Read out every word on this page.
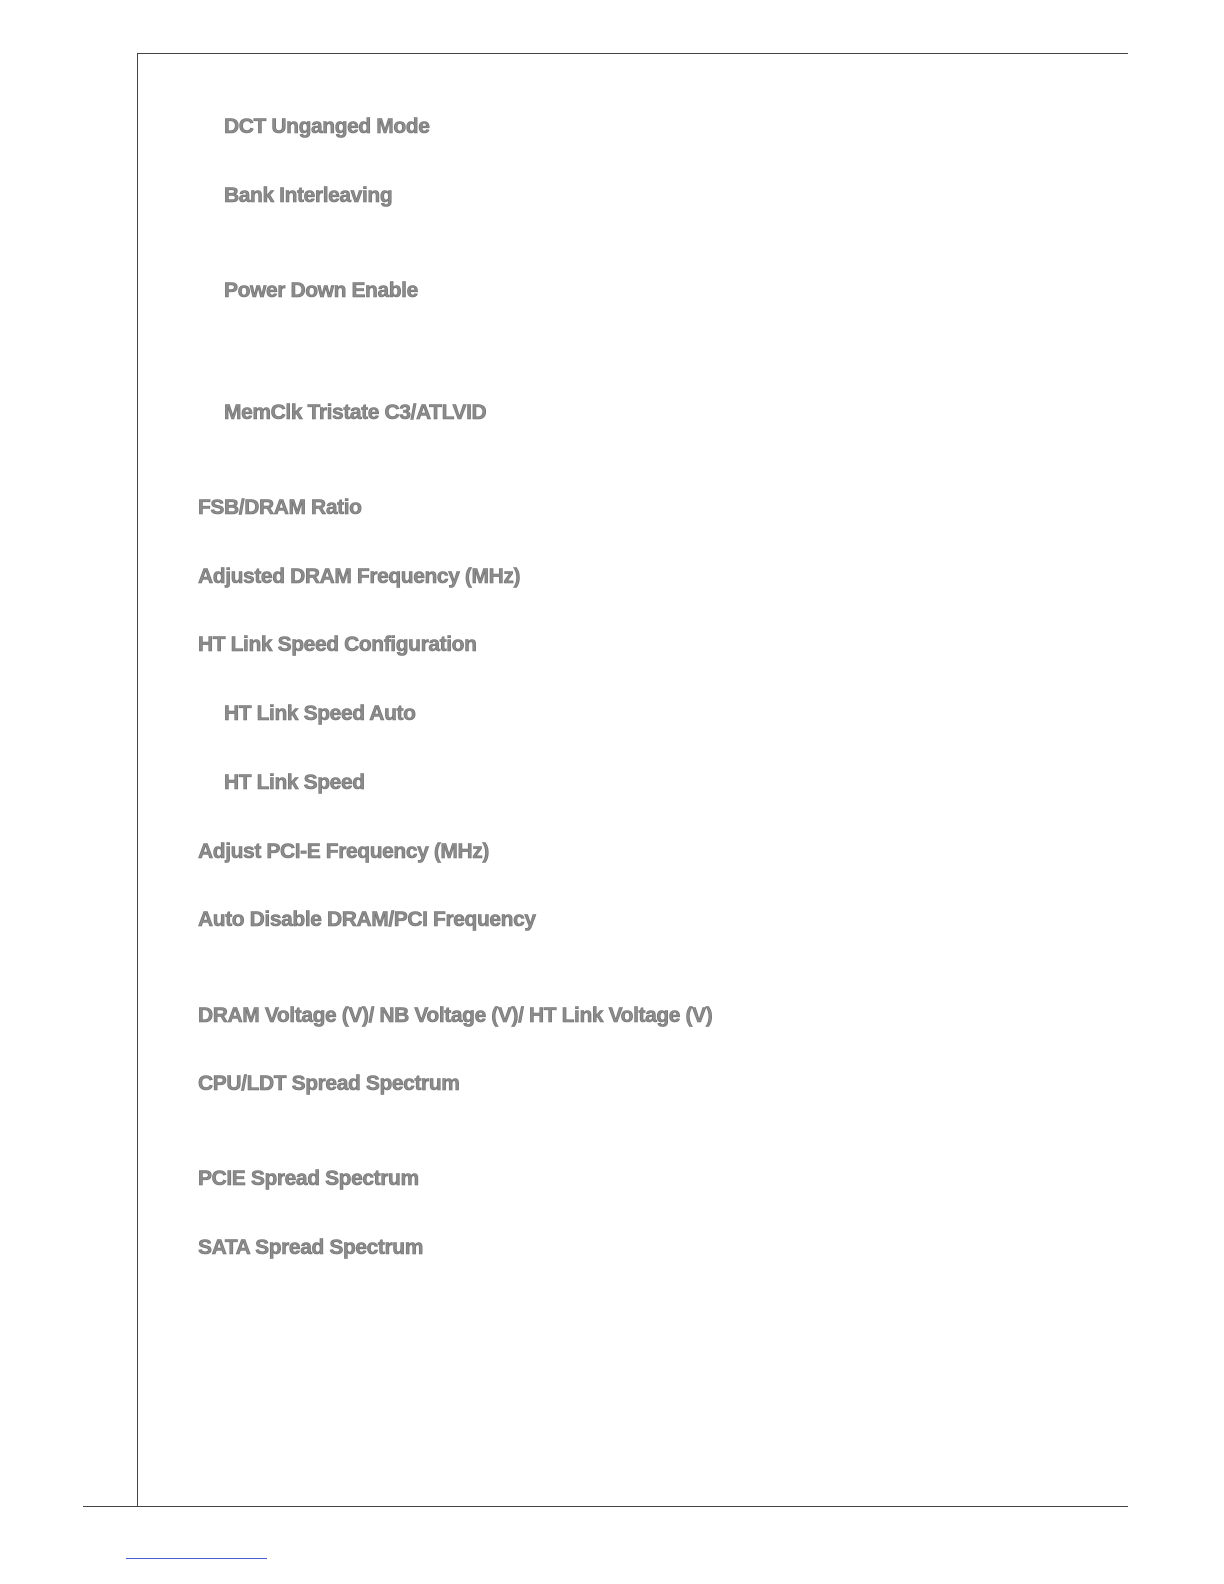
DCT Unganged Mode
Bank Interleaving
Power Down Enable
MemClk Tristate C3/ATLVID
FSB/DRAM Ratio
Adjusted DRAM Frequency (MHz)
HT Link Speed Configuration
HT Link Speed Auto
HT Link Speed
Adjust PCI-E Frequency (MHz)
Auto Disable DRAM/PCI Frequency
DRAM Voltage (V)/ NB Voltage (V)/ HT Link Voltage (V)
CPU/LDT Spread Spectrum
PCIE Spread Spectrum
SATA Spread Spectrum
